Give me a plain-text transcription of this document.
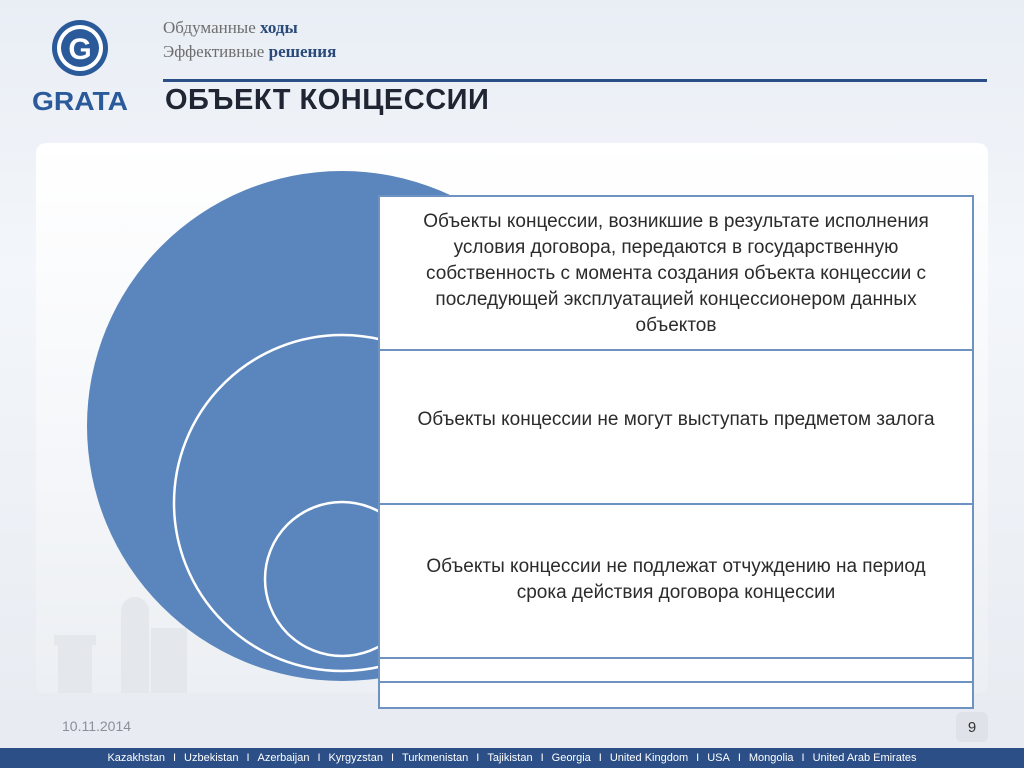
G
GRATA
Обдуманные ходы
Эффективные решения
ОБЪЕКТ КОНЦЕССИИ
Объекты концессии, возникшие в результате исполнения условия договора, передаются в государственную собственность с момента создания объекта концессии с последующей эксплуатацией концессионером данных объектов
Объекты концессии не могут выступать предметом залога
Объекты концессии не подлежат отчуждению на период срока действия договора концессии
10.11.2014	9
Kazakhstan I Uzbekistan I Azerbaijan I Kyrgyzstan I Turkmenistan I Tajikistan I Georgia I United Kingdom I USA I Mongolia I United Arab Emirates
